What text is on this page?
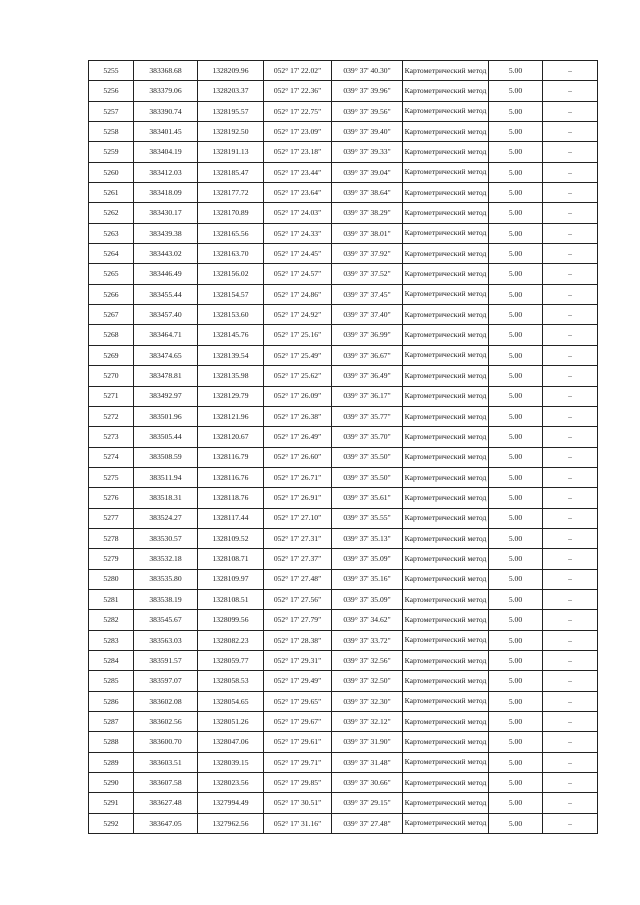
5255	383368.68	1328209.96	052° 17' 22.02"	039° 37' 40.30"	Картометрический метод	5.00	–
5256	383379.06	1328203.37	052° 17' 22.36"	039° 37' 39.96"	Картометрический метод	5.00	–
5257	383390.74	1328195.57	052° 17' 22.75"	039° 37' 39.56"	Картометрический метод	5.00	–
5258	383401.45	1328192.50	052° 17' 23.09"	039° 37' 39.40"	Картометрический метод	5.00	–
5259	383404.19	1328191.13	052° 17' 23.18"	039° 37' 39.33"	Картометрический метод	5.00	–
5260	383412.03	1328185.47	052° 17' 23.44"	039° 37' 39.04"	Картометрический метод	5.00	–
5261	383418.09	1328177.72	052° 17' 23.64"	039° 37' 38.64"	Картометрический метод	5.00	–
5262	383430.17	1328170.89	052° 17' 24.03"	039° 37' 38.29"	Картометрический метод	5.00	–
5263	383439.38	1328165.56	052° 17' 24.33"	039° 37' 38.01"	Картометрический метод	5.00	–
5264	383443.02	1328163.70	052° 17' 24.45"	039° 37' 37.92"	Картометрический метод	5.00	–
5265	383446.49	1328156.02	052° 17' 24.57"	039° 37' 37.52"	Картометрический метод	5.00	–
5266	383455.44	1328154.57	052° 17' 24.86"	039° 37' 37.45"	Картометрический метод	5.00	–
5267	383457.40	1328153.60	052° 17' 24.92"	039° 37' 37.40"	Картометрический метод	5.00	–
5268	383464.71	1328145.76	052° 17' 25.16"	039° 37' 36.99"	Картометрический метод	5.00	–
5269	383474.65	1328139.54	052° 17' 25.49"	039° 37' 36.67"	Картометрический метод	5.00	–
5270	383478.81	1328135.98	052° 17' 25.62"	039° 37' 36.49"	Картометрический метод	5.00	–
5271	383492.97	1328129.79	052° 17' 26.09"	039° 37' 36.17"	Картометрический метод	5.00	–
5272	383501.96	1328121.96	052° 17' 26.38"	039° 37' 35.77"	Картометрический метод	5.00	–
5273	383505.44	1328120.67	052° 17' 26.49"	039° 37' 35.70"	Картометрический метод	5.00	–
5274	383508.59	1328116.79	052° 17' 26.60"	039° 37' 35.50"	Картометрический метод	5.00	–
5275	383511.94	1328116.76	052° 17' 26.71"	039° 37' 35.50"	Картометрический метод	5.00	–
5276	383518.31	1328118.76	052° 17' 26.91"	039° 37' 35.61"	Картометрический метод	5.00	–
5277	383524.27	1328117.44	052° 17' 27.10"	039° 37' 35.55"	Картометрический метод	5.00	–
5278	383530.57	1328109.52	052° 17' 27.31"	039° 37' 35.13"	Картометрический метод	5.00	–
5279	383532.18	1328108.71	052° 17' 27.37"	039° 37' 35.09"	Картометрический метод	5.00	–
5280	383535.80	1328109.97	052° 17' 27.48"	039° 37' 35.16"	Картометрический метод	5.00	–
5281	383538.19	1328108.51	052° 17' 27.56"	039° 37' 35.09"	Картометрический метод	5.00	–
5282	383545.67	1328099.56	052° 17' 27.79"	039° 37' 34.62"	Картометрический метод	5.00	–
5283	383563.03	1328082.23	052° 17' 28.38"	039° 37' 33.72"	Картометрический метод	5.00	–
5284	383591.57	1328059.77	052° 17' 29.31"	039° 37' 32.56"	Картометрический метод	5.00	–
5285	383597.07	1328058.53	052° 17' 29.49"	039° 37' 32.50"	Картометрический метод	5.00	–
5286	383602.08	1328054.65	052° 17' 29.65"	039° 37' 32.30"	Картометрический метод	5.00	–
5287	383602.56	1328051.26	052° 17' 29.67"	039° 37' 32.12"	Картометрический метод	5.00	–
5288	383600.70	1328047.06	052° 17' 29.61"	039° 37' 31.90"	Картометрический метод	5.00	–
5289	383603.51	1328039.15	052° 17' 29.71"	039° 37' 31.48"	Картометрический метод	5.00	–
5290	383607.58	1328023.56	052° 17' 29.85"	039° 37' 30.66"	Картометрический метод	5.00	–
5291	383627.48	1327994.49	052° 17' 30.51"	039° 37' 29.15"	Картометрический метод	5.00	–
5292	383647.05	1327962.56	052° 17' 31.16"	039° 37' 27.48"	Картометрический метод	5.00	–
